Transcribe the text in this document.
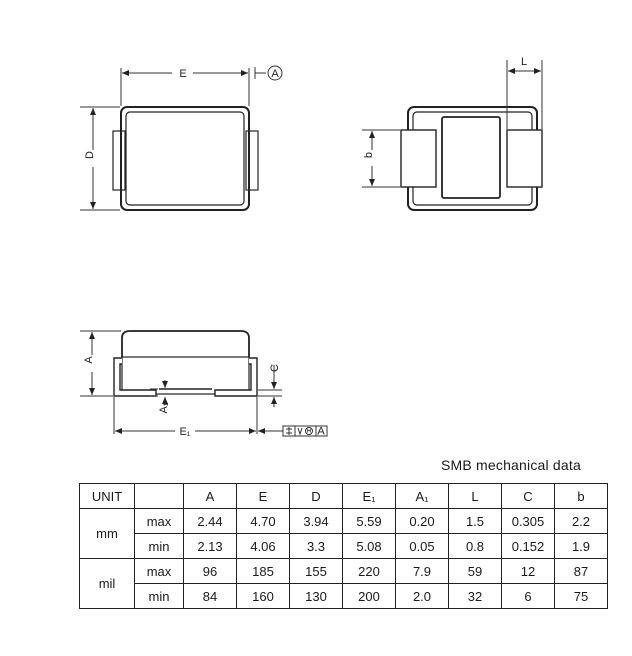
E	A
D
L
b
A
C
A₁
E₁	A
SMB mechanical data
UNIT		A	E	D	E₁	A₁	L	C	b
mm	max	2.44	4.70	3.94	5.59	0.20	1.5	0.305	2.2
	min	2.13	4.06	3.3	5.08	0.05	0.8	0.152	1.9
mil	max	96	185	155	220	7.9	59	12	87
	min	84	160	130	200	2.0	32	6	75
